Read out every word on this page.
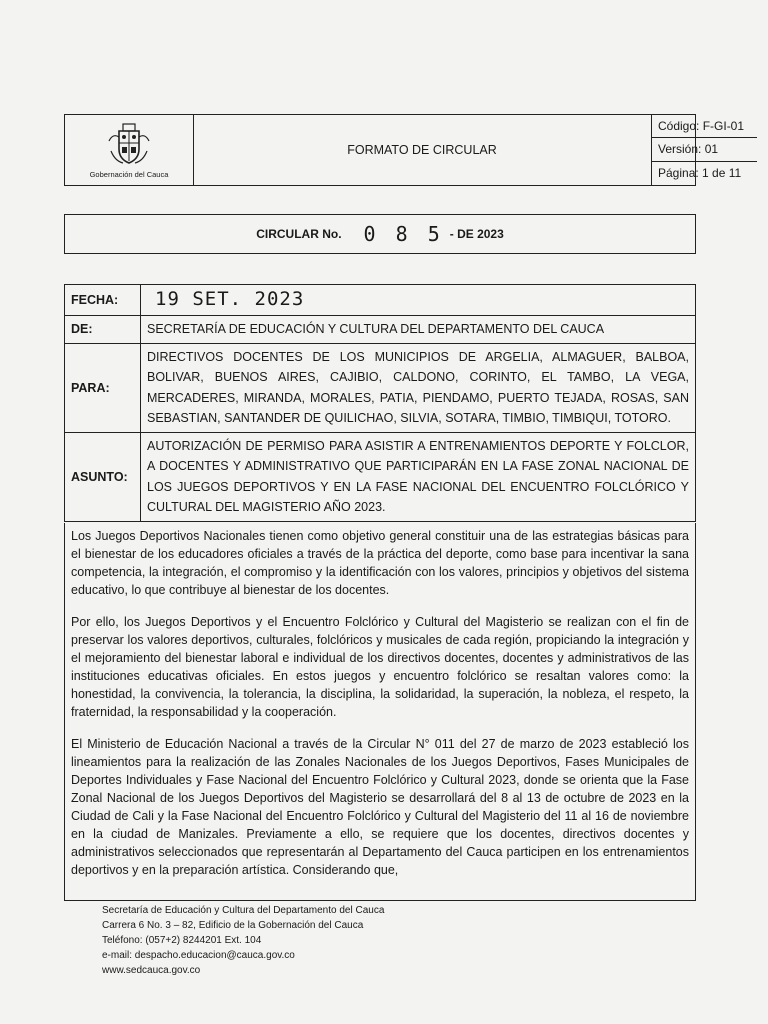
Gobernación del Cauca
FORMATO DE CIRCULAR
Código: F-GI-01
Versión: 01
Página: 1 de 11
CIRCULAR No. 0 8 5 - DE 2023
FECHA:	19 SET. 2023
DE:	SECRETARÍA DE EDUCACIÓN Y CULTURA DEL DEPARTAMENTO DEL CAUCA
PARA:
DIRECTIVOS DOCENTES DE LOS MUNICIPIOS DE ARGELIA, ALMAGUER, BALBOA, BOLIVAR, BUENOS AIRES, CAJIBIO, CALDONO, CORINTO, EL TAMBO, LA VEGA, MERCADERES, MIRANDA, MORALES, PATIA, PIENDAMO, PUERTO TEJADA, ROSAS, SAN SEBASTIAN, SANTANDER DE QUILICHAO, SILVIA, SOTARA, TIMBIO, TIMBIQUI, TOTORO.
ASUNTO:
AUTORIZACIÓN DE PERMISO PARA ASISTIR A ENTRENAMIENTOS DEPORTE Y FOLCLOR, A DOCENTES Y ADMINISTRATIVO QUE PARTICIPARÁN EN LA FASE ZONAL NACIONAL DE LOS JUEGOS DEPORTIVOS Y EN LA FASE NACIONAL DEL ENCUENTRO FOLCLÓRICO Y CULTURAL DEL MAGISTERIO AÑO 2023.

Los Juegos Deportivos Nacionales tienen como objetivo general constituir una de las estrategias básicas para el bienestar de los educadores oficiales a través de la práctica del deporte, como base para incentivar la sana competencia, la integración, el compromiso y la identificación con los valores, principios y objetivos del sistema educativo, lo que contribuye al bienestar de los docentes.

Por ello, los Juegos Deportivos y el Encuentro Folclórico y Cultural del Magisterio se realizan con el fin de preservar los valores deportivos, culturales, folclóricos y musicales de cada región, propiciando la integración y el mejoramiento del bienestar laboral e individual de los directivos docentes, docentes y administrativos de las instituciones educativas oficiales. En estos juegos y encuentro folclórico se resaltan valores como: la honestidad, la convivencia, la tolerancia, la disciplina, la solidaridad, la superación, la nobleza, el respeto, la fraternidad, la responsabilidad y la cooperación.

El Ministerio de Educación Nacional a través de la Circular N° 011 del 27 de marzo de 2023 estableció los lineamientos para la realización de las Zonales Nacionales de los Juegos Deportivos, Fases Municipales de Deportes Individuales y Fase Nacional del Encuentro Folclórico y Cultural 2023, donde se orienta que la Fase Zonal Nacional de los Juegos Deportivos del Magisterio se desarrollará del 8 al 13 de octubre de 2023 en la Ciudad de Cali y la Fase Nacional del Encuentro Folclórico y Cultural del Magisterio del 11 al 16 de noviembre en la ciudad de Manizales. Previamente a ello, se requiere que los docentes, directivos docentes y administrativos seleccionados que representarán al Departamento del Cauca participen en los entrenamientos deportivos y en la preparación artística. Considerando que,

Secretaría de Educación y Cultura del Departamento del Cauca
Carrera 6 No. 3 – 82, Edificio de la Gobernación del Cauca
Teléfono: (057+2) 8244201 Ext. 104
e-mail: despacho.educacion@cauca.gov.co
www.sedcauca.gov.co
